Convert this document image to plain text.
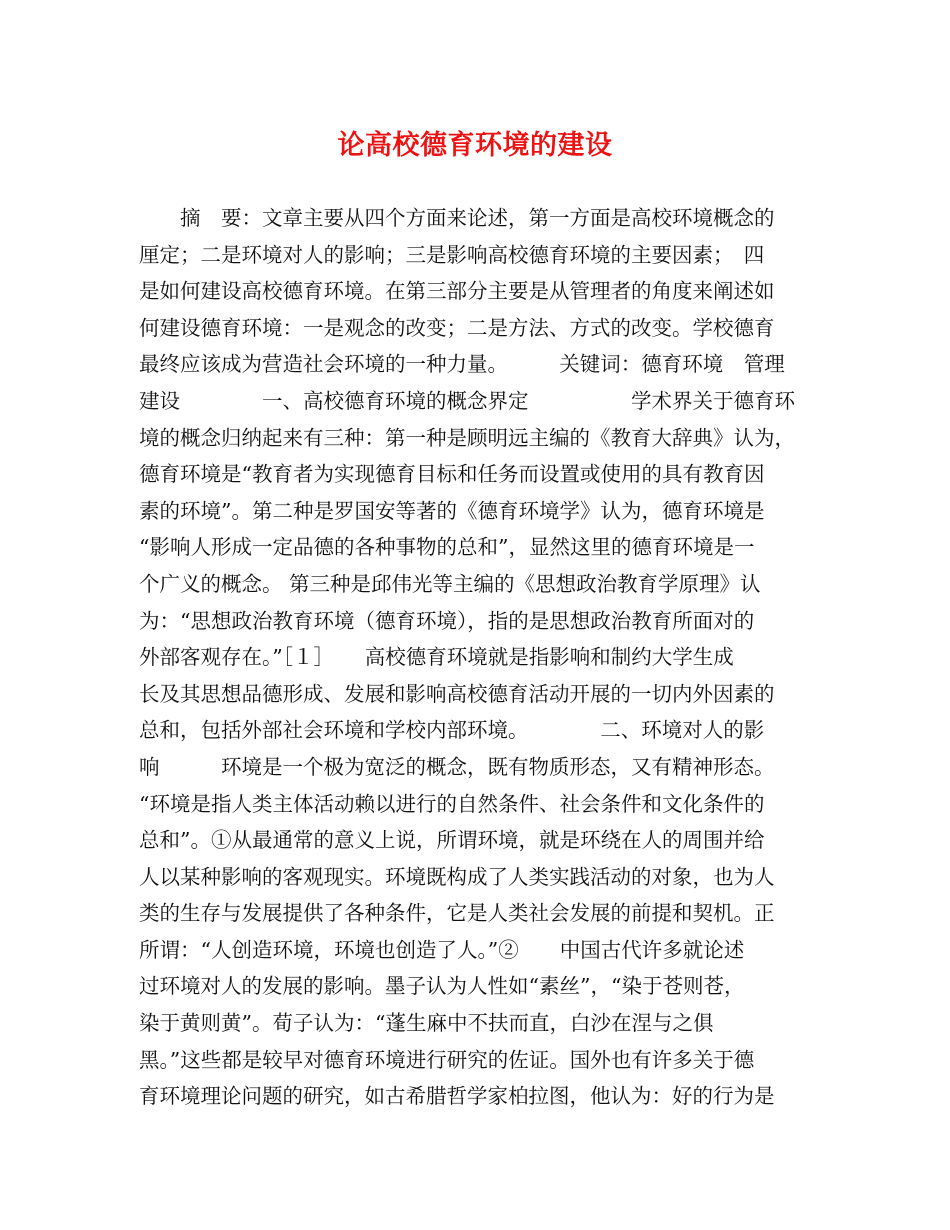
论高校德育环境的建设
　　摘　要：文章主要从四个方面来论述，第一方面是高校环境概念的
厘定；二是环境对人的影响；三是影响高校德育环境的主要因素；　四
是如何建设高校德育环境。在第三部分主要是从管理者的角度来阐述如
何建设德育环境：一是观念的改变；二是方法、方式的改变。学校德育
最终应该成为营造社会环境的一种力量。　　　关键词：德育环境　管理
建设　　　　一、高校德育环境的概念界定　　　　　学术界关于德育环
境的概念归纳起来有三种：第一种是顾明远主编的《教育大辞典》认为，
德育环境是“教育者为实现德育目标和任务而设置或使用的具有教育因
素的环境”。第二种是罗国安等著的《德育环境学》认为，德育环境是
“影响人形成一定品德的各种事物的总和”，显然这里的德育环境是一
个广义的概念。 第三种是邱伟光等主编的《思想政治教育学原理》认
为：“思想政治教育环境（德育环境），指的是思想政治教育所面对的
外部客观存在。”［１］　　高校德育环境就是指影响和制约大学生成
长及其思想品德形成、发展和影响高校德育活动开展的一切内外因素的
总和，包括外部社会环境和学校内部环境。　　　　二、环境对人的影
响　　　环境是一个极为宽泛的概念，既有物质形态，又有精神形态。
“环境是指人类主体活动赖以进行的自然条件、社会条件和文化条件的
总和”。①从最通常的意义上说，所谓环境，就是环绕在人的周围并给
人以某种影响的客观现实。环境既构成了人类实践活动的对象，也为人
类的生存与发展提供了各种条件，它是人类社会发展的前提和契机。正
所谓：“人创造环境，环境也创造了人。”②　　中国古代许多就论述
过环境对人的发展的影响。墨子认为人性如“素丝”，“染于苍则苍，
染于黄则黄”。荀子认为：“蓬生麻中不扶而直，白沙在涅与之俱
黑。”这些都是较早对德育环境进行研究的佐证。国外也有许多关于德
育环境理论问题的研究，如古希腊哲学家柏拉图，他认为：好的行为是
